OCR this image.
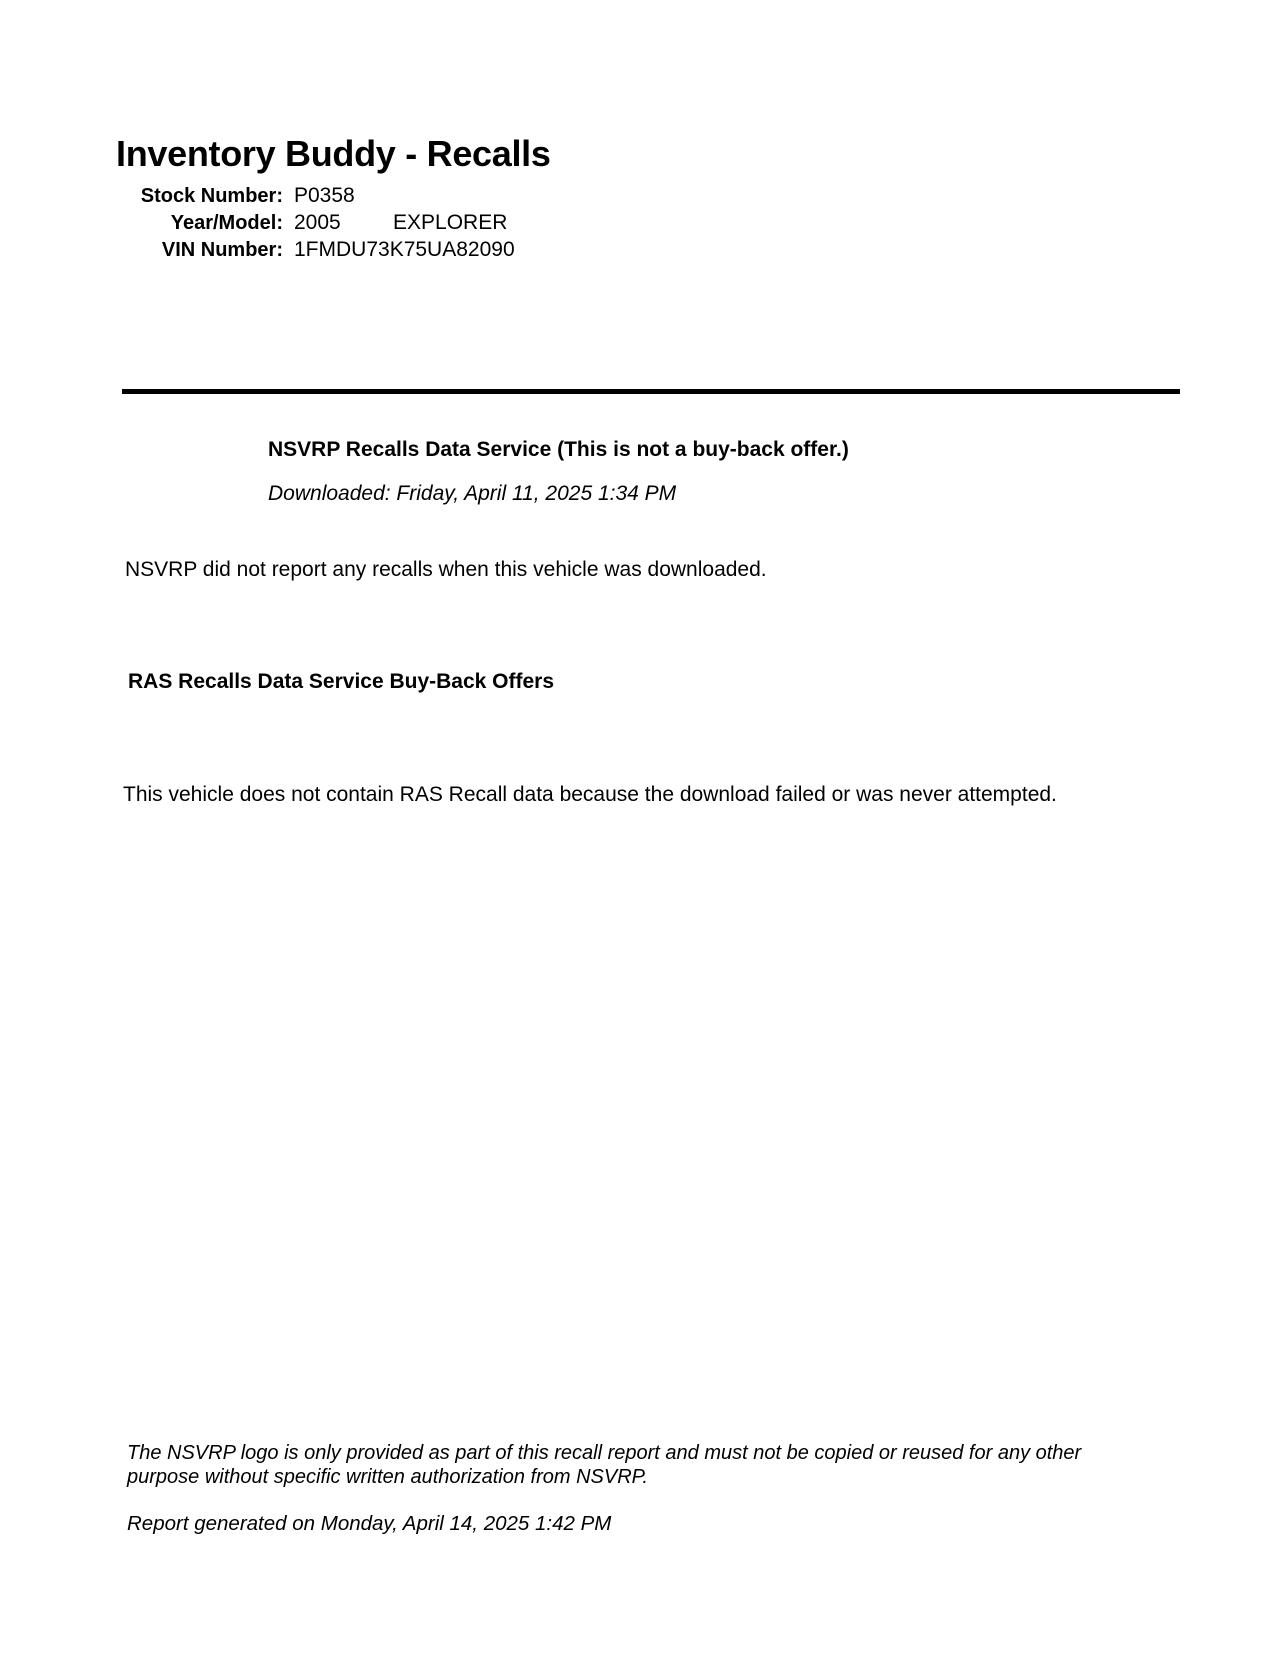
Inventory Buddy - Recalls
Stock Number: P0358
Year/Model: 2005 EXPLORER
VIN Number: 1FMDU73K75UA82090
NSVRP Recalls Data Service (This is not a buy-back offer.)
Downloaded: Friday, April 11, 2025 1:34 PM
NSVRP did not report any recalls when this vehicle was downloaded.
RAS Recalls Data Service Buy-Back Offers
This vehicle does not contain RAS Recall data because the download failed or was never attempted.
The NSVRP logo is only provided as part of this recall report and must not be copied or reused for any other
purpose without specific written authorization from NSVRP.
Report generated on Monday, April 14, 2025 1:42 PM
